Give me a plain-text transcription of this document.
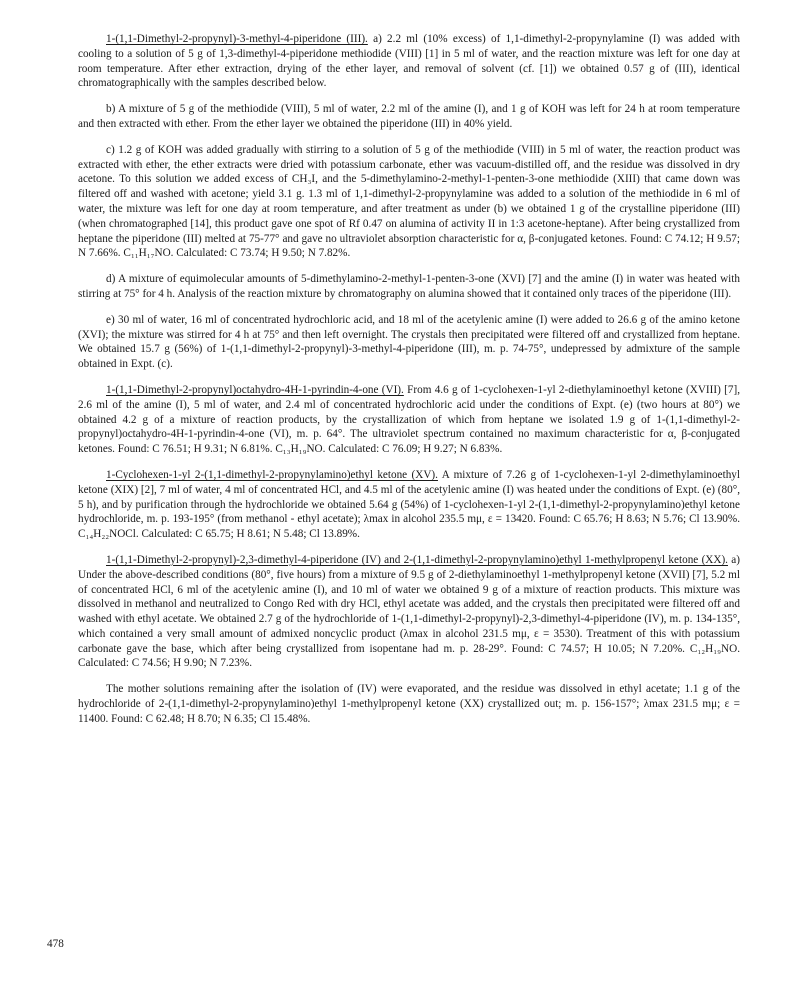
1-(1,1-Dimethyl-2-propynyl)-3-methyl-4-piperidone (III). a) 2.2 ml (10% excess) of 1,1-dimethyl-2-propynylamine (I) was added with cooling to a solution of 5 g of 1,3-dimethyl-4-piperidone methiodide (VIII) [1] in 5 ml of water, and the reaction mixture was left for one day at room temperature. After ether extraction, drying of the ether layer, and removal of solvent (cf. [1]) we obtained 0.57 g of (III), identical chromatographically with the samples described below.

b) A mixture of 5 g of the methiodide (VIII), 5 ml of water, 2.2 ml of the amine (I), and 1 g of KOH was left for 24 h at room temperature and then extracted with ether. From the ether layer we obtained the piperidone (III) in 40% yield.

c) 1.2 g of KOH was added gradually with stirring to a solution of 5 g of the methiodide (VIII) in 5 ml of water, the reaction product was extracted with ether, the ether extracts were dried with potassium carbonate, ether was vacuum-distilled off, and the residue was dissolved in dry acetone. To this solution we added excess of CH₃I, and the 5-dimethylamino-2-methyl-1-penten-3-one methiodide (XIII) that came down was filtered off and washed with acetone; yield 3.1 g. 1.3 ml of 1,1-dimethyl-2-propynylamine was added to a solution of the methiodide in 6 ml of water, the mixture was left for one day at room temperature, and after treatment as under (b) we obtained 1 g of the crystalline piperidone (III) (when chromatographed [14], this product gave one spot of Rf 0.47 on alumina of activity II in 1:3 acetone-heptane). After being crystallized from heptane the piperidone (III) melted at 75-77° and gave no ultraviolet absorption characteristic for α, β-conjugated ketones. Found: C 74.12; H 9.57; N 7.66%. C₁₁H₁₇NO. Calculated: C 73.74; H 9.50; N 7.82%.

d) A mixture of equimolecular amounts of 5-dimethylamino-2-methyl-1-penten-3-one (XVI) [7] and the amine (I) in water was heated with stirring at 75° for 4 h. Analysis of the reaction mixture by chromatography on alumina showed that it contained only traces of the piperidone (III).

e) 30 ml of water, 16 ml of concentrated hydrochloric acid, and 18 ml of the acetylenic amine (I) were added to 26.6 g of the amino ketone (XVI); the mixture was stirred for 4 h at 75° and then left overnight. The crystals then precipitated were filtered off and crystallized from heptane. We obtained 15.7 g (56%) of 1-(1,1-dimethyl-2-propynyl)-3-methyl-4-piperidone (III), m. p. 74-75°, undepressed by admixture of the sample obtained in Expt. (c).

1-(1,1-Dimethyl-2-propynyl)octahydro-4H-1-pyrindin-4-one (VI). From 4.6 g of 1-cyclohexen-1-yl 2-diethylaminoethyl ketone (XVIII) [7], 2.6 ml of the amine (I), 5 ml of water, and 2.4 ml of concentrated hydrochloric acid under the conditions of Expt. (e) (two hours at 80°) we obtained 4.2 g of a mixture of reaction products, by the crystallization of which from heptane we isolated 1.9 g of 1-(1,1-dimethyl-2-propynyl)octahydro-4H-1-pyrindin-4-one (VI), m. p. 64°. The ultraviolet spectrum contained no maximum characteristic for α, β-conjugated ketones. Found: C 76.51; H 9.31; N 6.81%. C₁₃H₁₉NO. Calculated: C 76.09; H 9.27; N 6.83%.

1-Cyclohexen-1-yl 2-(1,1-dimethyl-2-propynylamino)ethyl ketone (XV). A mixture of 7.26 g of 1-cyclohexen-1-yl 2-dimethylaminoethyl ketone (XIX) [2], 7 ml of water, 4 ml of concentrated HCl, and 4.5 ml of the acetylenic amine (I) was heated under the conditions of Expt. (e) (80°, 5 h), and by purification through the hydrochloride we obtained 5.64 g (54%) of 1-cyclohexen-1-yl 2-(1,1-dimethyl-2-propynylamino)ethyl ketone hydrochloride, m. p. 193-195° (from methanol - ethyl acetate); λmax in alcohol 235.5 mμ, ε = 13420. Found: C 65.76; H 8.63; N 5.76; Cl 13.90%. C₁₄H₂₂NOCl. Calculated: C 65.75; H 8.61; N 5.48; Cl 13.89%.

1-(1,1-Dimethyl-2-propynyl)-2,3-dimethyl-4-piperidone (IV) and 2-(1,1-dimethyl-2-propynylamino)ethyl 1-methylpropenyl ketone (XX). a) Under the above-described conditions (80°, five hours) from a mixture of 9.5 g of 2-diethylaminoethyl 1-methylpropenyl ketone (XVII) [7], 5.2 ml of concentrated HCl, 6 ml of the acetylenic amine (I), and 10 ml of water we obtained 9 g of a mixture of reaction products. This mixture was dissolved in methanol and neutralized to Congo Red with dry HCl, ethyl acetate was added, and the crystals then precipitated were filtered off and washed with ethyl acetate. We obtained 2.7 g of the hydrochloride of 1-(1,1-dimethyl-2-propynyl)-2,3-dimethyl-4-piperidone (IV), m. p. 134-135°, which contained a very small amount of admixed noncyclic product (λmax in alcohol 231.5 mμ, ε = 3530). Treatment of this with potassium carbonate gave the base, which after being crystallized from isopentane had m. p. 28-29°. Found: C 74.57; H 10.05; N 7.20%. C₁₂H₁₉NO. Calculated: C 74.56; H 9.90; N 7.23%.

The mother solutions remaining after the isolation of (IV) were evaporated, and the residue was dissolved in ethyl acetate; 1.1 g of the hydrochloride of 2-(1,1-dimethyl-2-propynylamino)ethyl 1-methylpropenyl ketone (XX) crystallized out; m. p. 156-157°; λmax 231.5 mμ; ε = 11400. Found: C 62.48; H 8.70; N 6.35; Cl 15.48%.

478
